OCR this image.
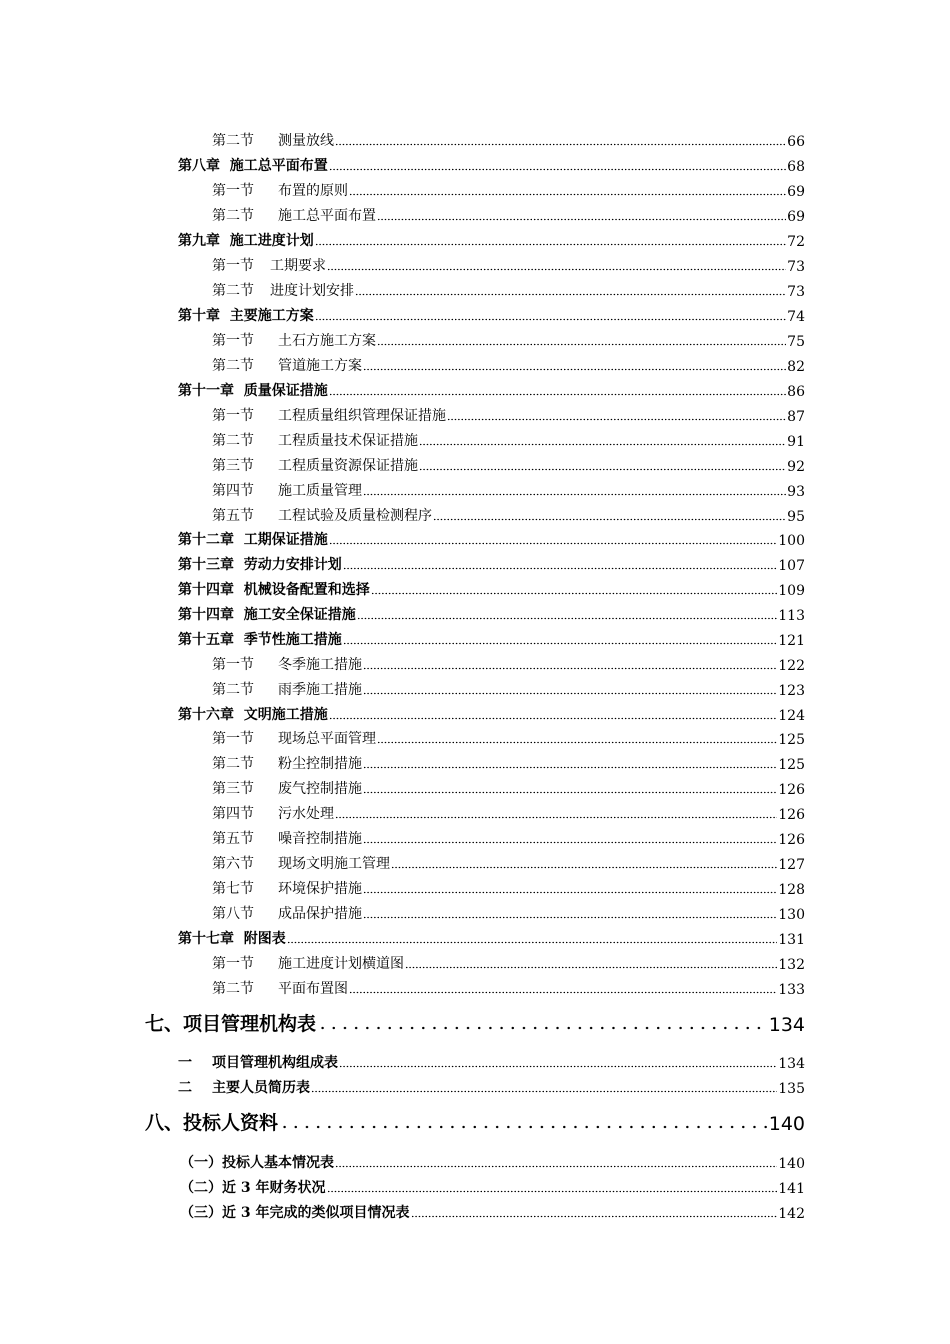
第二节	测量放线	66
第八章 施工总平面布置	68
第一节	布置的原则	69
第二节	施工总平面布置	69
第九章 施工进度计划	72
第一节	工期要求	73
第二节	进度计划安排	73
第十章 主要施工方案	74
第一节	土石方施工方案	75
第二节	管道施工方案	82
第十一章 质量保证措施	86
第一节	工程质量组织管理保证措施	87
第二节	工程质量技术保证措施	91
第三节	工程质量资源保证措施	92
第四节	施工质量管理	93
第五节	工程试验及质量检测程序	95
第十二章 工期保证措施	100
第十三章 劳动力安排计划	107
第十四章 机械设备配置和选择	109
第十四章 施工安全保证措施	113
第十五章 季节性施工措施	121
第一节	冬季施工措施	122
第二节	雨季施工措施	123
第十六章 文明施工措施	124
第一节	现场总平面管理	125
第二节	粉尘控制措施	125
第三节	废气控制措施	126
第四节	污水处理	126
第五节	噪音控制措施	126
第六节	现场文明施工管理	127
第七节	环境保护措施	128
第八节	成品保护措施	130
第十七章 附图表	131
第一节	施工进度计划横道图	132
第二节	平面布置图	133
七、项目管理机构表	134
一 项目管理机构组成表	134
二 主要人员简历表	135
八、投标人资料	140
（一）投标人基本情况表	140
（二）近 3 年财务状况	141
（三）近 3 年完成的类似项目情况表	142
